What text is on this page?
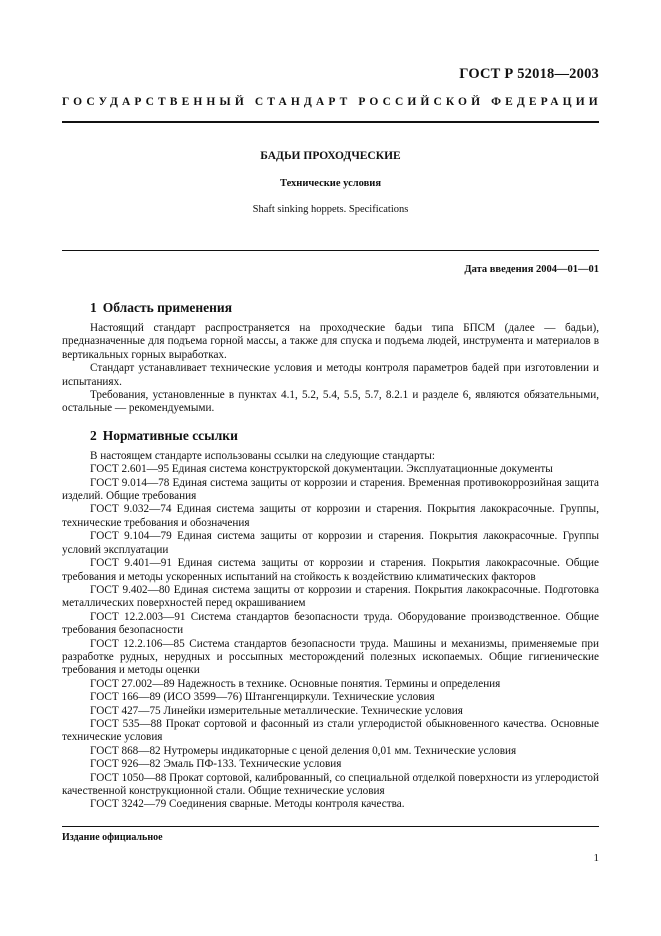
ГОСТ Р 52018—2003
ГОСУДАРСТВЕННЫЙ СТАНДАРТ РОССИЙСКОЙ ФЕДЕРАЦИИ
БАДЬИ ПРОХОДЧЕСКИЕ
Технические условия
Shaft sinking hoppets. Specifications
Дата введения 2004—01—01
1 Область применения

Настоящий стандарт распространяется на проходческие бадьи типа БПСМ (далее — бадьи), предназначенные для подъема горной массы, а также для спуска и подъема людей, инструмента и материалов в вертикальных горных выработках.

Стандарт устанавливает технические условия и методы контроля параметров бадей при изготовлении и испытаниях.

Требования, установленные в пунктах 4.1, 5.2, 5.4, 5.5, 5.7, 8.2.1 и разделе 6, являются обязательными, остальные — рекомендуемыми.

2 Нормативные ссылки

В настоящем стандарте использованы ссылки на следующие стандарты:

ГОСТ 2.601—95 Единая система конструкторской документации. Эксплуатационные документы

ГОСТ 9.014—78 Единая система защиты от коррозии и старения. Временная противокоррозийная защита изделий. Общие требования

ГОСТ 9.032—74 Единая система защиты от коррозии и старения. Покрытия лакокрасочные. Группы, технические требования и обозначения

ГОСТ 9.104—79 Единая система защиты от коррозии и старения. Покрытия лакокрасочные. Группы условий эксплуатации

ГОСТ 9.401—91 Единая система защиты от коррозии и старения. Покрытия лакокрасочные. Общие требования и методы ускоренных испытаний на стойкость к воздействию климатических факторов

ГОСТ 9.402—80 Единая система защиты от коррозии и старения. Покрытия лакокрасочные. Подготовка металлических поверхностей перед окрашиванием

ГОСТ 12.2.003—91 Система стандартов безопасности труда. Оборудование производственное. Общие требования безопасности

ГОСТ 12.2.106—85 Система стандартов безопасности труда. Машины и механизмы, применяемые при разработке рудных, нерудных и россыпных месторождений полезных ископаемых. Общие гигиенические требования и методы оценки

ГОСТ 27.002—89 Надежность в технике. Основные понятия. Термины и определения

ГОСТ 166—89 (ИСО 3599—76) Штангенциркули. Технические условия

ГОСТ 427—75 Линейки измерительные металлические. Технические условия

ГОСТ 535—88 Прокат сортовой и фасонный из стали углеродистой обыкновенного качества. Основные технические условия

ГОСТ 868—82 Нутромеры индикаторные с ценой деления 0,01 мм. Технические условия

ГОСТ 926—82 Эмаль ПФ-133. Технические условия

ГОСТ 1050—88 Прокат сортовой, калиброванный, со специальной отделкой поверхности из углеродистой качественной конструкционной стали. Общие технические условия

ГОСТ 3242—79 Соединения сварные. Методы контроля качества.

Издание официальное
1
